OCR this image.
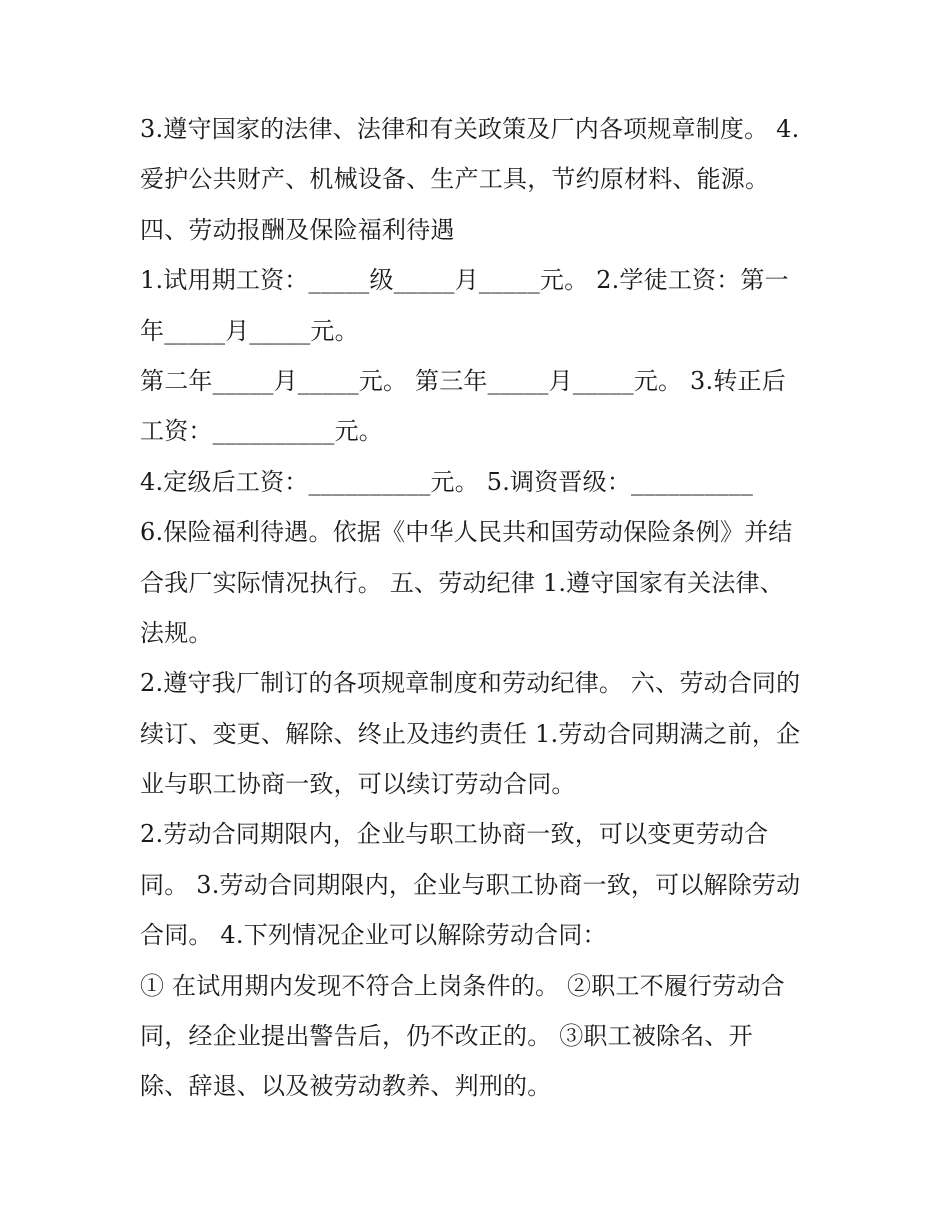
3.遵守国家的法律、法律和有关政策及厂内各项规章制度。 4.
爱护公共财产、机械设备、生产工具，节约原材料、能源。
四、劳动报酬及保险福利待遇
1.试用期工资：_____级_____月_____元。 2.学徒工资：第一
年_____月_____元。
第二年_____月_____元。 第三年_____月_____元。 3.转正后
工资：__________元。
4.定级后工资：__________元。 5.调资晋级：__________
6.保险福利待遇。依据《中华人民共和国劳动保险条例》并结
合我厂实际情况执行。 五、劳动纪律 1.遵守国家有关法律、
法规。
2.遵守我厂制订的各项规章制度和劳动纪律。 六、劳动合同的
续订、变更、解除、终止及违约责任 1.劳动合同期满之前，企
业与职工协商一致，可以续订劳动合同。
2.劳动合同期限内，企业与职工协商一致，可以变更劳动合
同。 3.劳动合同期限内，企业与职工协商一致，可以解除劳动
合同。 4.下列情况企业可以解除劳动合同：
① 在试用期内发现不符合上岗条件的。 ②职工不履行劳动合
同，经企业提出警告后，仍不改正的。 ③职工被除名、开
除、辞退、以及被劳动教养、判刑的。
